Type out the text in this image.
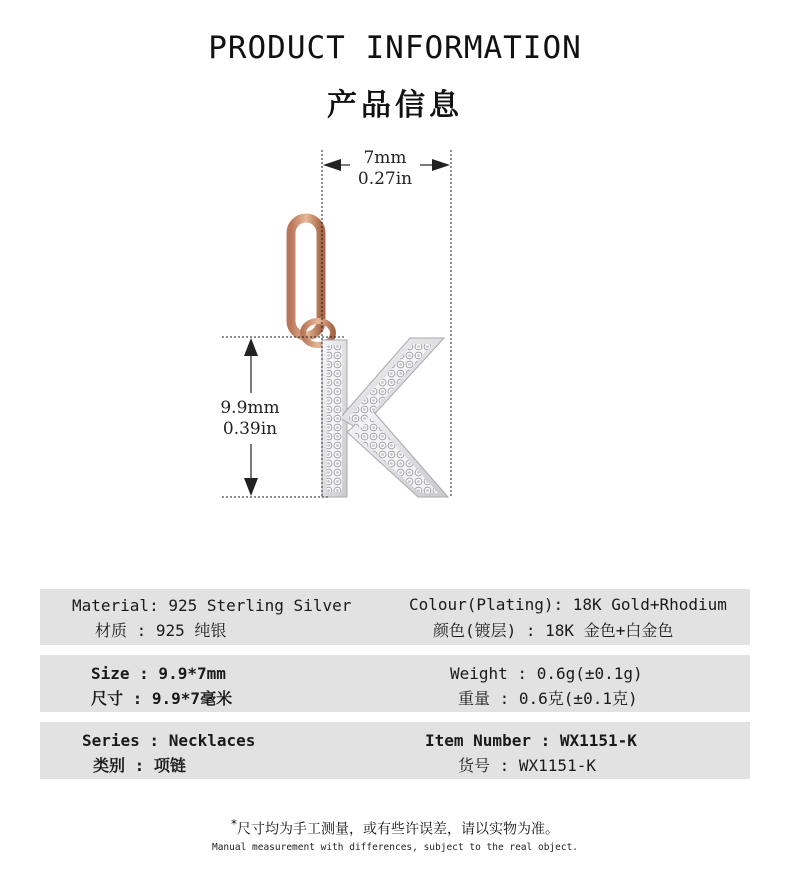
PRODUCT INFORMATION
产品信息
7mm
0.27in
9.9mm
0.39in
Material: 925 Sterling Silver
材质 : 925 纯银
Colour(Plating): 18K Gold+Rhodium
颜色(镀层) : 18K 金色+白金色
Size : 9.9*7mm
尺寸 : 9.9*7毫米
Weight : 0.6g(±0.1g)
重量 : 0.6克(±0.1克)
Series : Necklaces
类别 : 项链
Item Number : WX1151-K
货号 : WX1151-K
*尺寸均为手工测量，或有些许误差，请以实物为准。
Manual measurement with differences, subject to the real object.
